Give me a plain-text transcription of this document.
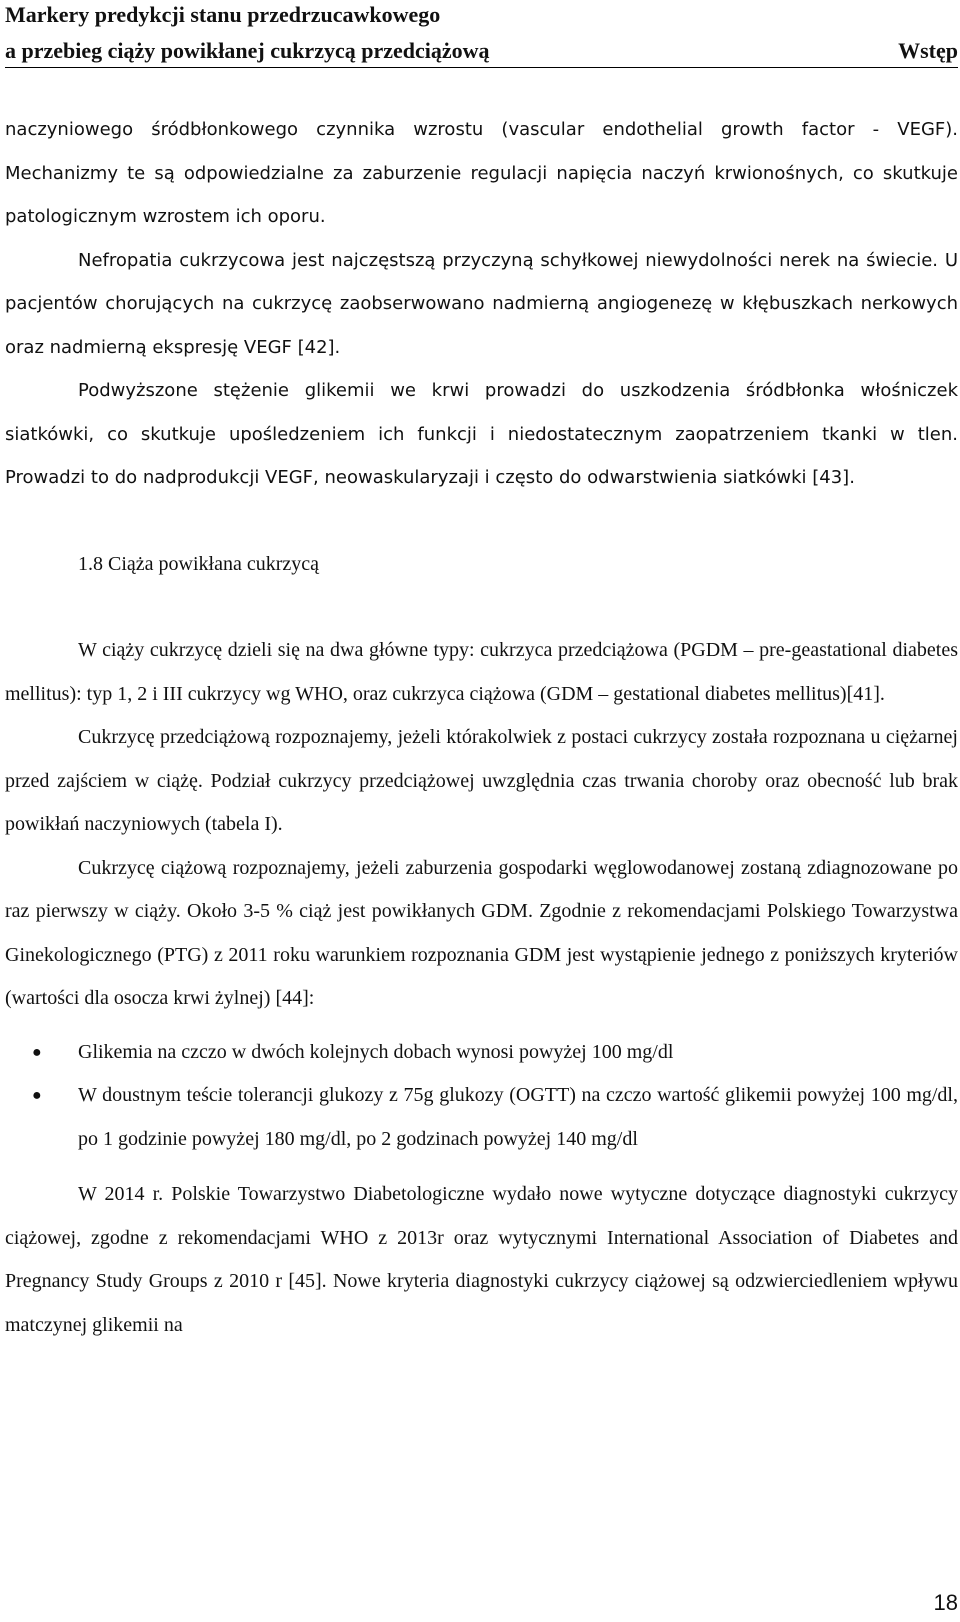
Markery predykcji stanu przedrzucawkowego
a przebieg ciąży powikłanej cukrzycą przedciążową	Wstęp

naczyniowego śródbłonkowego czynnika wzrostu (vascular endothelial growth factor - VEGF). Mechanizmy te są odpowiedzialne za zaburzenie regulacji napięcia naczyń krwionośnych, co skutkuje patologicznym wzrostem ich oporu.

Nefropatia cukrzycowa jest najczęstszą przyczyną schyłkowej niewydolności nerek na świecie. U pacjentów chorujących na cukrzycę zaobserwowano nadmierną angiogenezę w kłębuszkach nerkowych oraz nadmierną ekspresję VEGF [42].

Podwyższone stężenie glikemii we krwi prowadzi do uszkodzenia śródbłonka włośniczek siatkówki, co skutkuje upośledzeniem ich funkcji i niedostatecznym zaopatrzeniem tkanki w tlen. Prowadzi to do nadprodukcji VEGF, neowaskularyzaji i często do odwarstwienia siatkówki [43].

1.8 Ciąża powikłana cukrzycą

W ciąży cukrzycę dzieli się na dwa główne typy: cukrzyca przedciążowa (PGDM – pre-geastational diabetes mellitus): typ 1, 2 i III cukrzycy wg WHO, oraz cukrzyca ciążowa (GDM – gestational diabetes mellitus)[41].

Cukrzycę przedciążową rozpoznajemy, jeżeli którakolwiek z postaci cukrzycy została rozpoznana u ciężarnej przed zajściem w ciążę. Podział cukrzycy przedciążowej uwzględnia czas trwania choroby oraz obecność lub brak powikłań naczyniowych (tabela I).

Cukrzycę ciążową rozpoznajemy, jeżeli zaburzenia gospodarki węglowodanowej zostaną zdiagnozowane po raz pierwszy w ciąży. Około 3-5 % ciąż jest powikłanych GDM. Zgodnie z rekomendacjami Polskiego Towarzystwa Ginekologicznego (PTG) z 2011 roku warunkiem rozpoznania GDM jest wystąpienie jednego z poniższych kryteriów (wartości dla osocza krwi żylnej) [44]:

● Glikemia na czczo w dwóch kolejnych dobach wynosi powyżej 100 mg/dl
● W doustnym teście tolerancji glukozy z 75g glukozy (OGTT) na czczo wartość glikemii powyżej 100 mg/dl, po 1 godzinie powyżej 180 mg/dl, po 2 godzinach powyżej 140 mg/dl

W 2014 r. Polskie Towarzystwo Diabetologiczne wydało nowe wytyczne dotyczące diagnostyki cukrzycy ciążowej, zgodne z rekomendacjami WHO z 2013r oraz wytycznymi International Association of Diabetes and Pregnancy Study Groups z 2010 r [45]. Nowe kryteria diagnostyki cukrzycy ciążowej są odzwierciedleniem wpływu matczynej glikemii na

18
